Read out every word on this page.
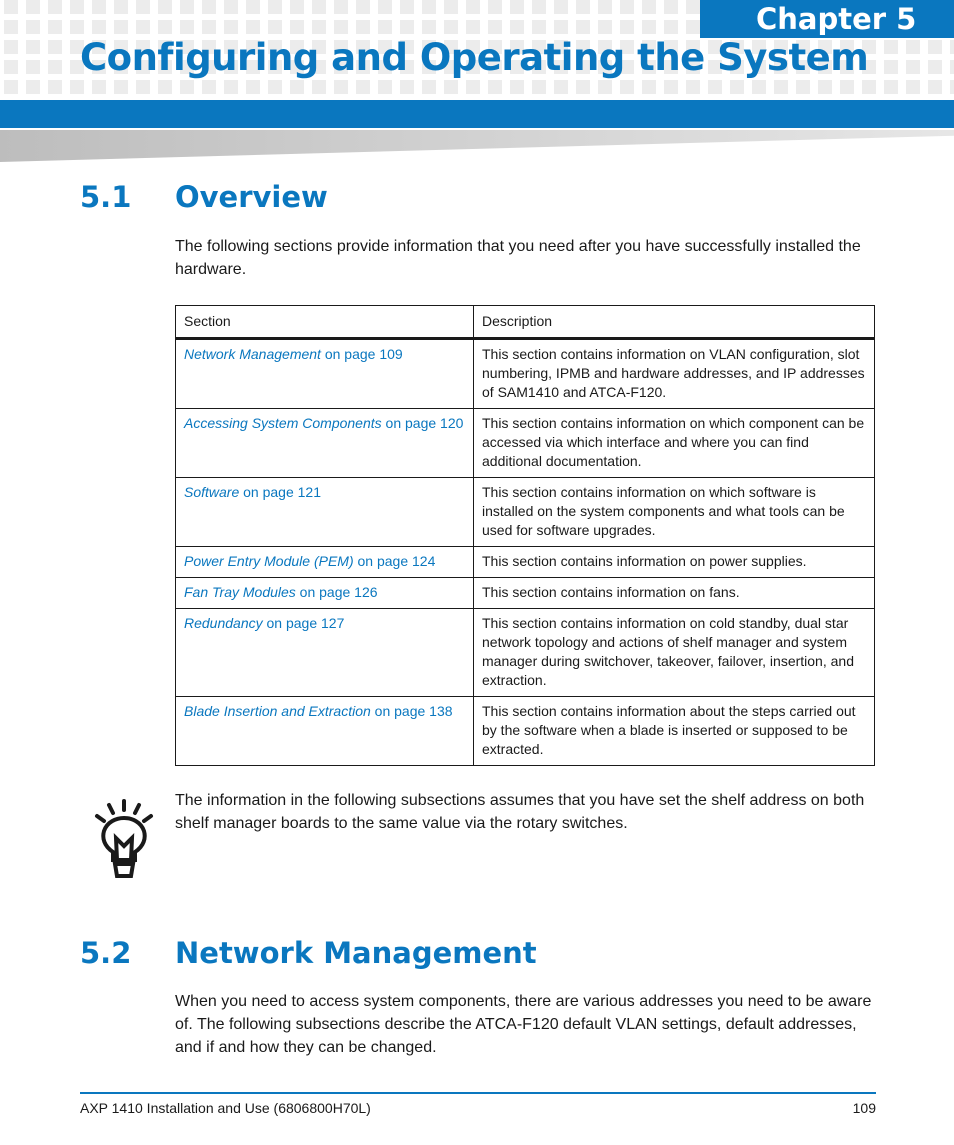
Chapter 5
Configuring and Operating the System
5.1 Overview

The following sections provide information that you need after you have successfully installed the hardware.

Section	Description
Network Management on page 109	This section contains information on VLAN configuration, slot numbering, IPMB and hardware addresses, and IP addresses of SAM1410 and ATCA-F120.
Accessing System Components on page 120	This section contains information on which component can be accessed via which interface and where you can find additional documentation.
Software on page 121	This section contains information on which software is installed on the system components and what tools can be used for software upgrades.
Power Entry Module (PEM) on page 124	This section contains information on power supplies.
Fan Tray Modules on page 126	This section contains information on fans.
Redundancy on page 127	This section contains information on cold standby, dual star network topology and actions of shelf manager and system manager during switchover, takeover, failover, insertion, and extraction.
Blade Insertion and Extraction on page 138	This section contains information about the steps carried out by the software when a blade is inserted or supposed to be extracted.

The information in the following subsections assumes that you have set the shelf address on both shelf manager boards to the same value via the rotary switches.

5.2 Network Management

When you need to access system components, there are various addresses you need to be aware of. The following subsections describe the ATCA-F120 default VLAN settings, default addresses, and if and how they can be changed.

AXP 1410 Installation and Use (6806800H70L)	109
